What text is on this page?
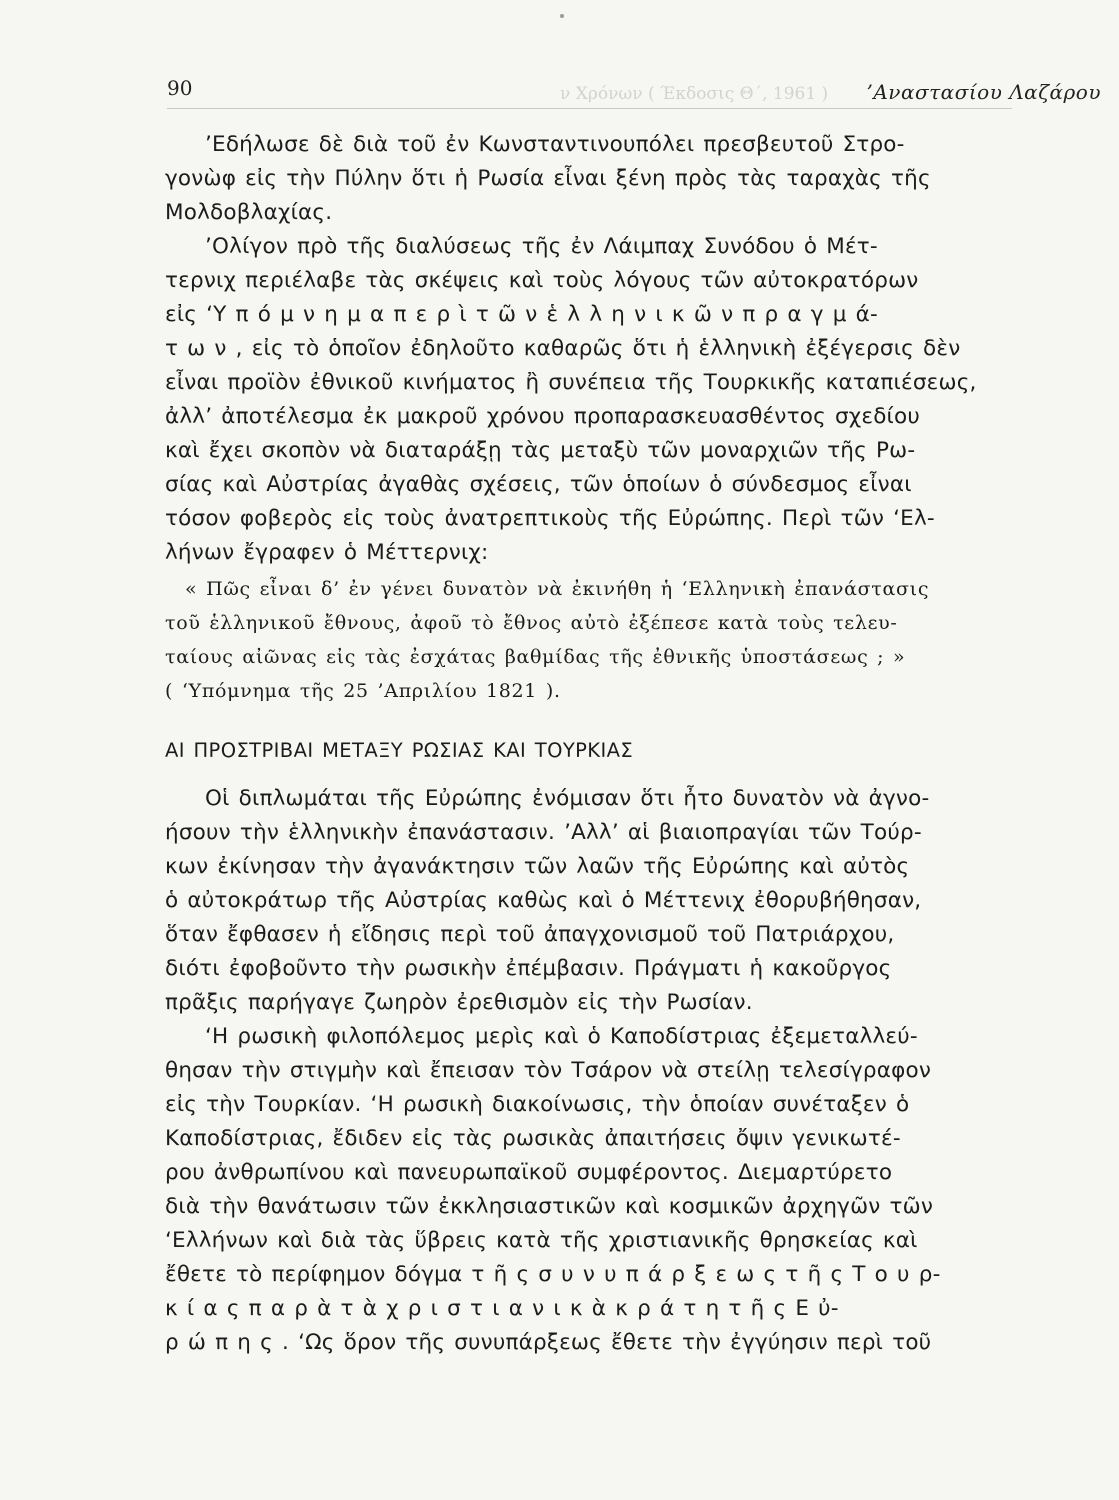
ν Χρόνων ( Έκδοσις Θ΄, 1961 )
90	’Αναστασίου Λαζάρου
’Εδήλωσε δὲ διὰ τοῦ ἐν Κωνσταντινουπόλει πρεσβευτοῦ Στρο-
γονὼφ εἰς τὴν Πύλην ὅτι ἡ Ρωσία εἶναι ξένη πρὸς τὰς ταραχὰς τῆς
Μολδοβλαχίας.
’Ολίγον πρὸ τῆς διαλύσεως τῆς ἐν Λάιμπαχ Συνόδου ὁ Μέτ-
τερνιχ περιέλαβε τὰς σκέψεις καὶ τοὺς λόγους τῶν αὐτοκρατόρων
εἰς ‘Υ π ό μ ν η μ α π ε ρ ὶ τ ῶ ν ἑ λ λ η ν ι κ ῶ ν π ρ α γ μ ά-
τ ω ν , εἰς τὸ ὁποῖον ἐδηλοῦτο καθαρῶς ὅτι ἡ ἑλληνικὴ ἐξέγερσις δὲν
εἶναι προϊὸν ἐθνικοῦ κινήματος ἢ συνέπεια τῆς Τουρκικῆς καταπιέσεως,
ἀλλ’ ἀποτέλεσμα ἐκ μακροῦ χρόνου προπαρασκευασθέντος σχεδίου
καὶ ἔχει σκοπὸν νὰ διαταράξῃ τὰς μεταξὺ τῶν μοναρχιῶν τῆς Ρω-
σίας καὶ Αὐστρίας ἀγαθὰς σχέσεις, τῶν ὁποίων ὁ σύνδεσμος εἶναι
τόσον φοβερὸς εἰς τοὺς ἀνατρεπτικοὺς τῆς Εὐρώπης. Περὶ τῶν ‘Ελ-
λήνων ἔγραφεν ὁ Μέττερνιχ:
« Πῶς εἶναι δ’ ἐν γένει δυνατὸν νὰ ἐκινήθη ἡ ‘Ελληνικὴ ἐπανάστασις
τοῦ ἑλληνικοῦ ἔθνους, ἀφοῦ τὸ ἔθνος αὐτὸ ἐξέπεσε κατὰ τοὺς τελευ-
ταίους αἰῶνας εἰς τὰς ἐσχάτας βαθμίδας τῆς ἐθνικῆς ὑποστάσεως ; »
( ‘Υπόμνημα τῆς 25 ’Απριλίου 1821 ).
ΑΙ ΠΡΟΣΤΡΙΒΑΙ ΜΕΤΑΞΥ ΡΩΣΙΑΣ ΚΑΙ ΤΟΥΡΚΙΑΣ
Οἱ διπλωμάται τῆς Εὐρώπης ἐνόμισαν ὅτι ἦτο δυνατὸν νὰ ἀγνο-
ήσουν τὴν ἑλληνικὴν ἐπανάστασιν. ’Αλλ’ αἱ βιαιοπραγίαι τῶν Τούρ-
κων ἐκίνησαν τὴν ἀγανάκτησιν τῶν λαῶν τῆς Εὐρώπης καὶ αὐτὸς
ὁ αὐτοκράτωρ τῆς Αὐστρίας καθὼς καὶ ὁ Μέττενιχ ἐθορυβήθησαν,
ὅταν ἔφθασεν ἡ εἴδησις περὶ τοῦ ἀπαγχονισμοῦ τοῦ Πατριάρχου,
διότι ἐφοβοῦντο τὴν ρωσικὴν ἐπέμβασιν. Πράγματι ἡ κακοῦργος
πρᾶξις παρήγαγε ζωηρὸν ἐρεθισμὸν εἰς τὴν Ρωσίαν.
‘Η ρωσικὴ φιλοπόλεμος μερὶς καὶ ὁ Καποδίστριας ἐξεμεταλλεύ-
θησαν τὴν στιγμὴν καὶ ἔπεισαν τὸν Τσάρον νὰ στείλῃ τελεσίγραφον
εἰς τὴν Τουρκίαν. ‘Η ρωσικὴ διακοίνωσις, τὴν ὁποίαν συνέταξεν ὁ
Καποδίστριας, ἔδιδεν εἰς τὰς ρωσικὰς ἀπαιτήσεις ὄψιν γενικωτέ-
ρου ἀνθρωπίνου καὶ πανευρωπαϊκοῦ συμφέροντος. Διεμαρτύρετο
διὰ τὴν θανάτωσιν τῶν ἐκκλησιαστικῶν καὶ κοσμικῶν ἀρχηγῶν τῶν
‘Ελλήνων καὶ διὰ τὰς ὕβρεις κατὰ τῆς χριστιανικῆς θρησκείας καὶ
ἔθετε τὸ περίφημον δόγμα τ ῆ ς σ υ ν υ π ά ρ ξ ε ω ς τ ῆ ς Τ ο υ ρ-
κ ί α ς π α ρ ὰ τ ὰ χ ρ ι σ τ ι α ν ι κ ὰ κ ρ ά τ η τ ῆ ς Ε ὐ-
ρ ώ π η ς . ‘Ως ὅρον τῆς συνυπάρξεως ἔθετε τὴν ἐγγύησιν περὶ τοῦ
